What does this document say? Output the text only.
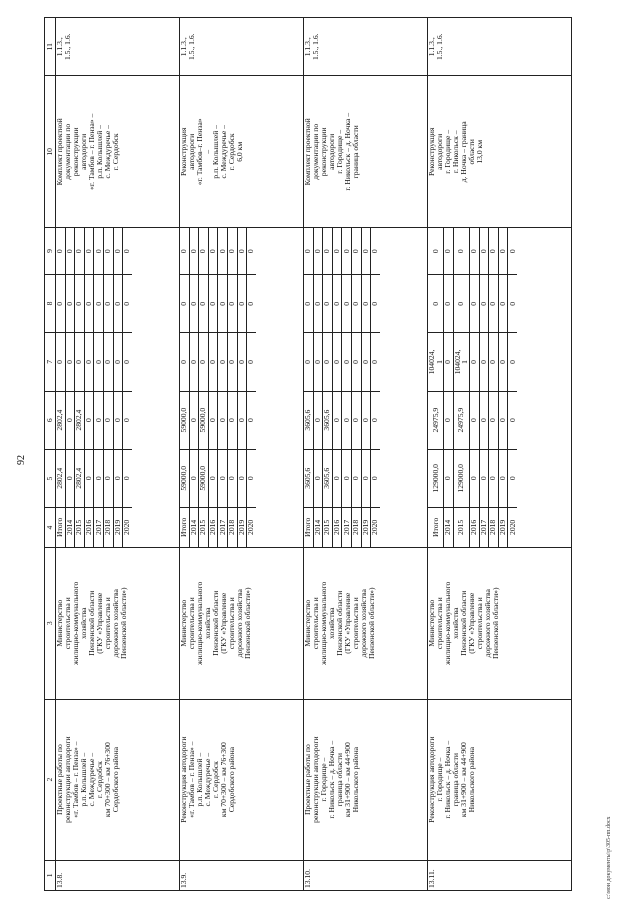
92
1	2	3	4	5	6	7	8	9	10	11
13.8.	Проектные работы по
реконструкции автодороги
«г. Тамбов – г. Пенза» –
р.п. Колышлей –
с. Междуречье –
г. Сердобск
км 70+300 – км 76+300
Сердобского района	Министерство
строительства и
жилищно-коммунального
хозяйства
Пензенской области
(ГКУ «Управление
строительства и
дорожного хозяйства
Пензенской области»)	
Итого	2802,4	2802,4	0	0	0
2014	0	0	0	0	0
2015	2802,4	2802,4	0	0	0
2016	0	0	0	0	0
2017	0	0	0	0	0
2018	0	0	0	0	0
2019	0	0	0	0	0
2020	0	0	0	0	0
	Комплект проектной
документации по
реконструкции
автодороги
«г. Тамбов – г. Пенза» –
р.п. Колышлей –
с. Междуречье –
г. Сердобск	1.1.3.,
1.5., 1.6.
13.9.	Реконструкция автодороги
«г. Тамбов – г. Пенза» –
р.п. Колышлей –
с. Междуречье –
г. Сердобск
км 70+300 – км 76+300
Сердобского района	Министерство
строительства и
жилищно-коммунального
хозяйства
Пензенской области
(ГКУ «Управление
строительства и
дорожного хозяйства
Пензенской области»)	
Итого	59000,0	59000,0	0	0	0
2014	0	0	0	0	0
2015	59000,0	59000,0	0	0	0
2016	0	0	0	0	0
2017	0	0	0	0	0
2018	0	0	0	0	0
2019	0	0	0	0	0
2020	0	0	0	0	0
	Реконструкция
автодороги
«г. Тамбов–г. Пенза»
–
р.п. Колышлей –
с. Междуречье –
г. Сердобск
6,0 км	1.1.3.,
1.5., 1.6.
13.10.	Проектные работы по
реконструкции автодороги
г. Городище –
г. Никольск – д. Ночка –
граница области
км 31+900 – км 44+900
Никольского района	Министерство
строительства и
жилищно-коммунального
хозяйства
Пензенской области
(ГКУ «Управление
строительства и
дорожного хозяйства
Пензенской области»)	
Итого	3605,6	3605,6	0	0	0
2014	0	0	0	0	0
2015	3605,6	3605,6	0	0	0
2016	0	0	0	0	0
2017	0	0	0	0	0
2018	0	0	0	0	0
2019	0	0	0	0	0
2020	0	0	0	0	0
	Комплект проектной
документации по
реконструкции
автодороги
г. Городище –
г. Никольск – д. Ночка –
граница области	1.1.3.,
1.5., 1.6.
13.11.	Реконструкция автодороги
г. Городище –
г. Никольск – д. Ночка –
граница области
км 31+900 – км 44+900
Никольского района	Министерство
строительства и
жилищно-коммунального
хозяйства
Пензенской области
(ГКУ «Управление
строительства и
дорожного хозяйства
Пензенской области»)	
Итого	129000,0	24975,9	104024,
1	0	0
2014	0	0	0	0	0
2015	129000,0	24975,9	104024,
1	0	0
2016	0	0	0	0	0
2017	0	0	0	0	0
2018	0	0	0	0	0
2019	0	0	0	0	0
2020	0	0	0	0	0
	Реконструкция
автодороги
г. Городище –
г. Никольск –
д. Ночка – граница
области
13,0 км	1.1.3.,
1.5., 1.6.
c:\мои документы\р\305-пп.docx
